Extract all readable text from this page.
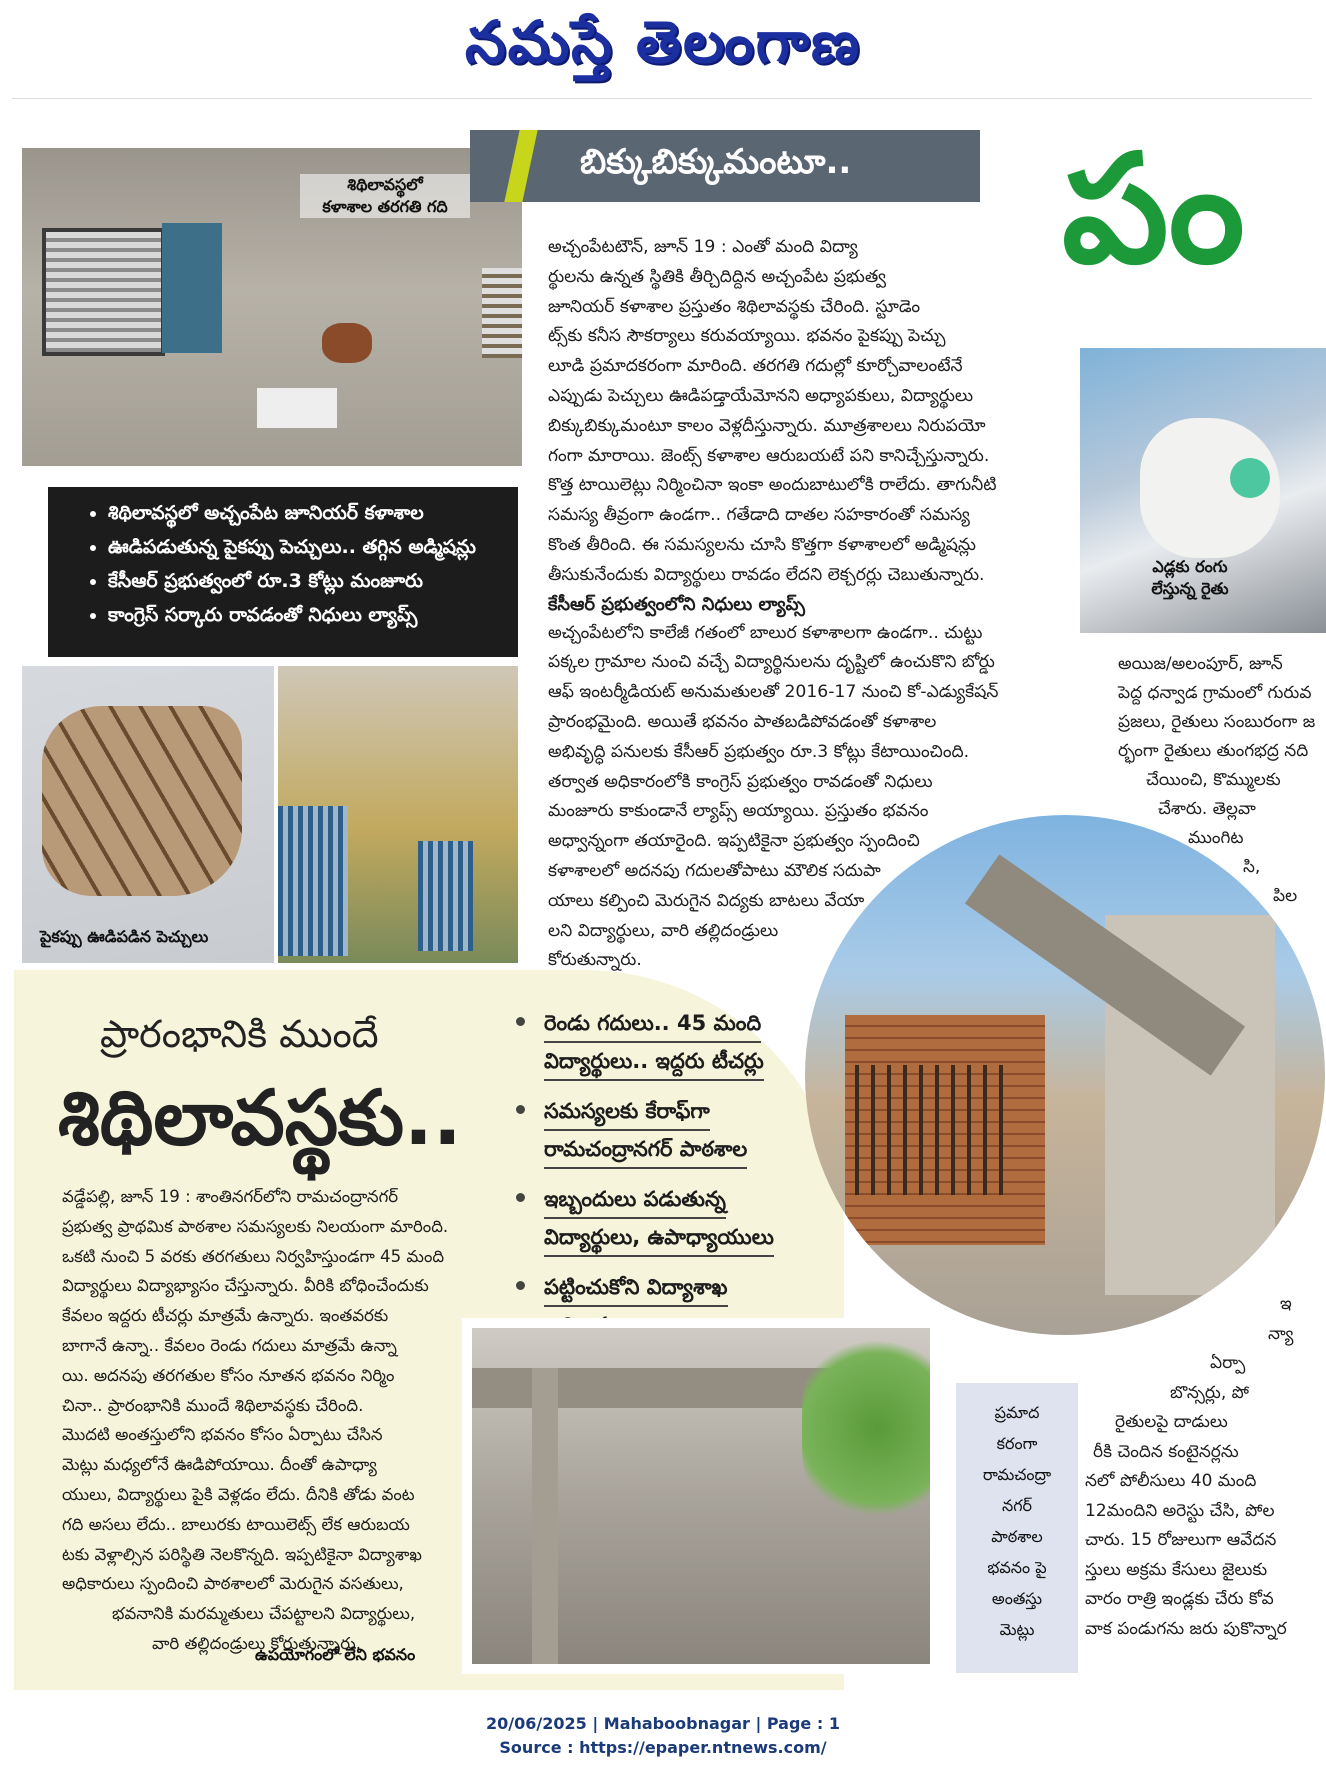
నమస్తే తెలంగాణ
పం
ఎడ్లకు రంగు
లేస్తున్న రైతు
అయిజ/అలంపూర్, జూన్
పెద్ద ధన్వాడ గ్రామంలో గురువ
ప్రజలు, రైతులు సంబురంగా జ
ర్భంగా రైతులు తుంగభద్ర నది
చేయించి, కొమ్ములకు
చేశారు. తెల్లవా
ముంగిట
సి,
పిల
ఇ
న్యా
ఏర్పా
బొన్సర్లు, పో
రైతులపై దాడులు
రీకి చెందిన కంటైనర్లను
నలో పోలీసులు 40 మంది
12మందిని అరెస్టు చేసి, పోల
చారు. 15 రోజులుగా ఆవేదన
స్తులు అక్రమ కేసులు జైలుకు
వారం రాత్రి ఇండ్లకు చేరు కోవ
వాక పండుగను జరు పుకొన్నార
శిథిలావస్థలో
కళాశాల తరగతి గది
• శిథిలావస్థలో అచ్చంపేట జూనియర్ కళాశాల
• ఊడిపడుతున్న పైకప్పు పెచ్చులు.. తగ్గిన అడ్మిషన్లు
• కేసీఆర్ ప్రభుత్వంలో రూ.3 కోట్లు మంజూరు
• కాంగ్రెస్ సర్కారు రావడంతో నిధులు ల్యాప్స్
పైకప్పు ఊడిపడిన పెచ్చులు
బిక్కుబిక్కుమంటూ..

అచ్చంపేటటౌన్, జూన్ 19 : ఎంతో మంది విద్యా

ర్థులను ఉన్నత స్థితికి తీర్చిదిద్దిన అచ్చంపేట ప్రభుత్వ

జూనియర్ కళాశాల ప్రస్తుతం శిథిలావస్థకు చేరింది. స్టూడెం

ట్స్‌కు కనీస సౌకర్యాలు కరువయ్యాయి. భవనం పైకప్పు పెచ్చు

లూడి ప్రమాదకరంగా మారింది. తరగతి గదుల్లో కూర్చోవాలంటేనే

ఎప్పుడు పెచ్చులు ఊడిపడ్తాయేమోనని అధ్యాపకులు, విద్యార్థులు

బిక్కుబిక్కుమంటూ కాలం వెళ్లదీస్తున్నారు. మూత్రశాలలు నిరుపయో

గంగా మారాయి. జెంట్స్ కళాశాల ఆరుబయటే పని కానిచ్చేస్తున్నారు.

కొత్త టాయిలెట్లు నిర్మించినా ఇంకా అందుబాటులోకి రాలేదు. తాగునీటి

సమస్య తీవ్రంగా ఉండగా.. గతేడాది దాతల సహకారంతో సమస్య

కొంత తీరింది. ఈ సమస్యలను చూసి కొత్తగా కళాశాలలో అడ్మిషన్లు

తీసుకునేందుకు విద్యార్థులు రావడం లేదని లెక్చరర్లు చెబుతున్నారు.

కేసీఆర్ ప్రభుత్వంలోని నిధులు ల్యాప్స్

అచ్చంపేటలోని కాలేజీ గతంలో బాలుర కళాశాలగా ఉండగా.. చుట్టు

పక్కల గ్రామాల నుంచి వచ్చే విద్యార్థినులను దృష్టిలో ఉంచుకొని బోర్డు

ఆఫ్ ఇంటర్మీడియట్ అనుమతులతో 2016-17 నుంచి కో-ఎడ్యుకేషన్

ప్రారంభమైంది. అయితే భవనం పాతబడిపోవడంతో కళాశాల

అభివృద్ధి పనులకు కేసీఆర్ ప్రభుత్వం రూ.3 కోట్లు కేటాయించింది.

తర్వాత అధికారంలోకి కాంగ్రెస్ ప్రభుత్వం రావడంతో నిధులు

మంజూరు కాకుండానే ల్యాప్స్ అయ్యాయి. ప్రస్తుతం భవనం

అధ్వాన్నంగా తయారైంది. ఇప్పటికైనా ప్రభుత్వం స్పందించి

కళాశాలలో అదనపు గదులతోపాటు మౌలిక సదుపా

యాలు కల్పించి మెరుగైన విద్యకు బాటలు వేయా

లని విద్యార్థులు, వారి తల్లిదండ్రులు

కోరుతున్నారు.

ప్రారంభానికి ముందే
శిథిలావస్థకు..
రెండు గదులు.. 45 మంది
విద్యార్థులు.. ఇద్దరు టీచర్లు
సమస్యలకు కేరాఫ్‌గా
రామచంద్రానగర్ పాఠశాల
ఇబ్బందులు పడుతున్న
విద్యార్థులు, ఉపాధ్యాయులు
పట్టించుకోని విద్యాశాఖ

వడ్డేపల్లి, జూన్ 19 : శాంతినగర్‌లోని రామచంద్రానగర్
ప్రభుత్వ ప్రాథమిక పాఠశాల సమస్యలకు నిలయంగా మారింది.
ఒకటి నుంచి 5 వరకు తరగతులు నిర్వహిస్తుండగా 45 మంది
విద్యార్థులు విద్యాభ్యాసం చేస్తున్నారు. వీరికి బోధించేందుకు
కేవలం ఇద్దరు టీచర్లు మాత్రమే ఉన్నారు. ఇంతవరకు
బాగానే ఉన్నా.. కేవలం రెండు గదులు మాత్రమే ఉన్నా
యి. అదనపు తరగతుల కోసం నూతన భవనం నిర్మిం
చినా.. ప్రారంభానికి ముందే శిథిలావస్థకు చేరింది.
మొదటి అంతస్తులోని భవనం కోసం ఏర్పాటు చేసిన
మెట్లు మధ్యలోనే ఊడిపోయాయి. దీంతో ఉపాధ్యా
యులు, విద్యార్థులు పైకి వెళ్లడం లేదు. దీనికి తోడు వంట
గది అసలు లేదు.. బాలురకు టాయిలెట్స్ లేక ఆరుబయ
టకు వెళ్లాల్సిన పరిస్థితి నెలకొన్నది. ఇప్పటికైనా విద్యాశాఖ
అధికారులు స్పందించి పాఠశాలలో మెరుగైన వసతులు,
భవనానికి మరమ్మతులు చేపట్టాలని విద్యార్థులు,
వారి తల్లిదండ్రులు కోరుతున్నారు.
ప్రమాద
కరంగా
రామచంద్రా
నగర్
పాఠశాల
భవనం పై
అంతస్తు
మెట్లు
ఉపయోగంలో లేని భవనం
20/06/2025 | Mahaboobnagar | Page : 1
Source : https://epaper.ntnews.com/
